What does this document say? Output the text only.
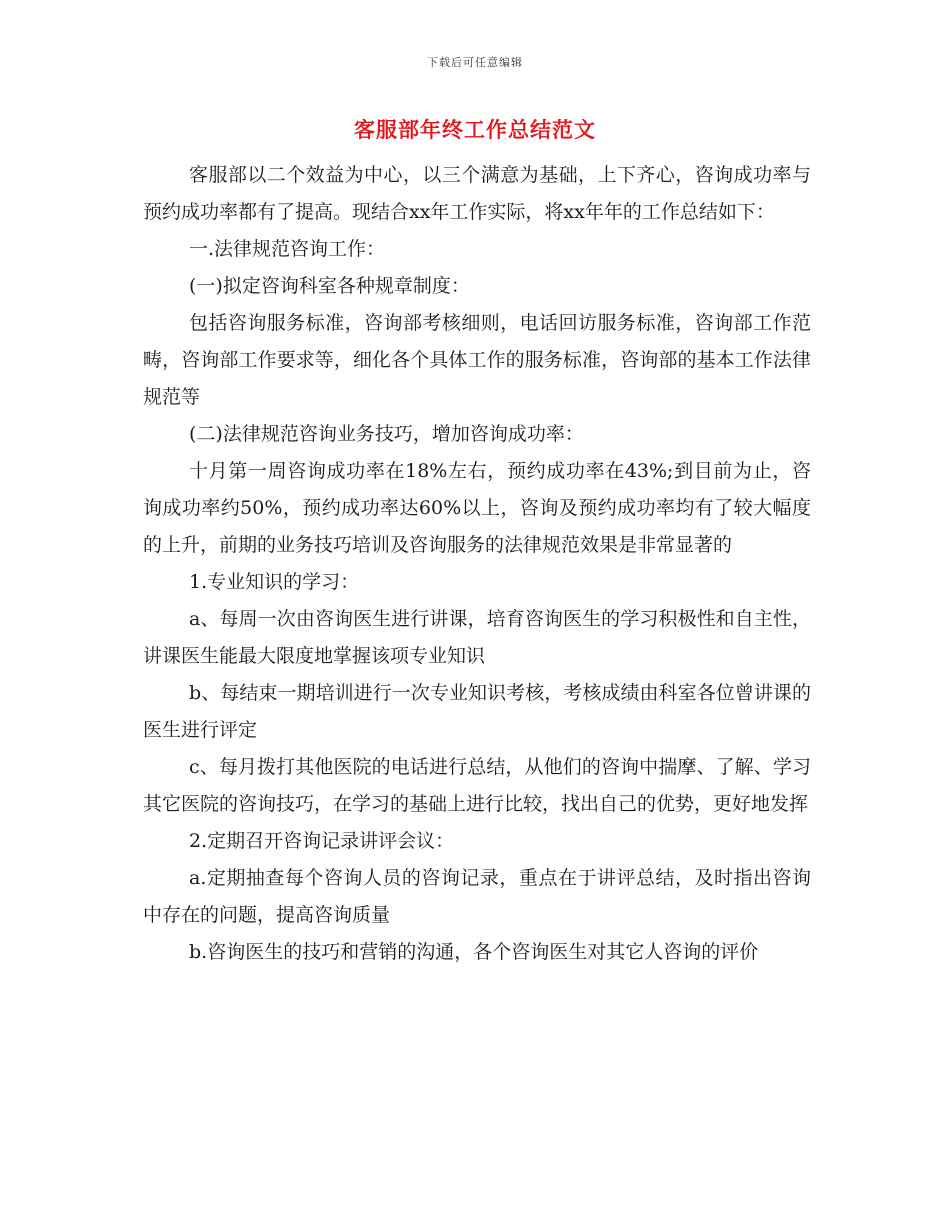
下载后可任意编辑
客服部年终工作总结范文

客服部以二个效益为中心，以三个满意为基础，上下齐心，咨询成功率与预约成功率都有了提高。现结合xx年工作实际，将xx年年的工作总结如下：

一.法律规范咨询工作：

(一)拟定咨询科室各种规章制度：

包括咨询服务标准，咨询部考核细则，电话回访服务标准，咨询部工作范畴，咨询部工作要求等，细化各个具体工作的服务标准，咨询部的基本工作法律规范等

(二)法律规范咨询业务技巧，增加咨询成功率：

十月第一周咨询成功率在18%左右，预约成功率在43%;到目前为止，咨询成功率约50%，预约成功率达60%以上，咨询及预约成功率均有了较大幅度的上升，前期的业务技巧培训及咨询服务的法律规范效果是非常显著的

1.专业知识的学习：

a、每周一次由咨询医生进行讲课，培育咨询医生的学习积极性和自主性，讲课医生能最大限度地掌握该项专业知识

b、每结束一期培训进行一次专业知识考核，考核成绩由科室各位曾讲课的医生进行评定

c、每月拨打其他医院的电话进行总结，从他们的咨询中揣摩、了解、学习其它医院的咨询技巧，在学习的基础上进行比较，找出自己的优势，更好地发挥

2.定期召开咨询记录讲评会议：

a.定期抽查每个咨询人员的咨询记录，重点在于讲评总结，及时指出咨询中存在的问题，提高咨询质量

b.咨询医生的技巧和营销的沟通，各个咨询医生对其它人咨询的评价
